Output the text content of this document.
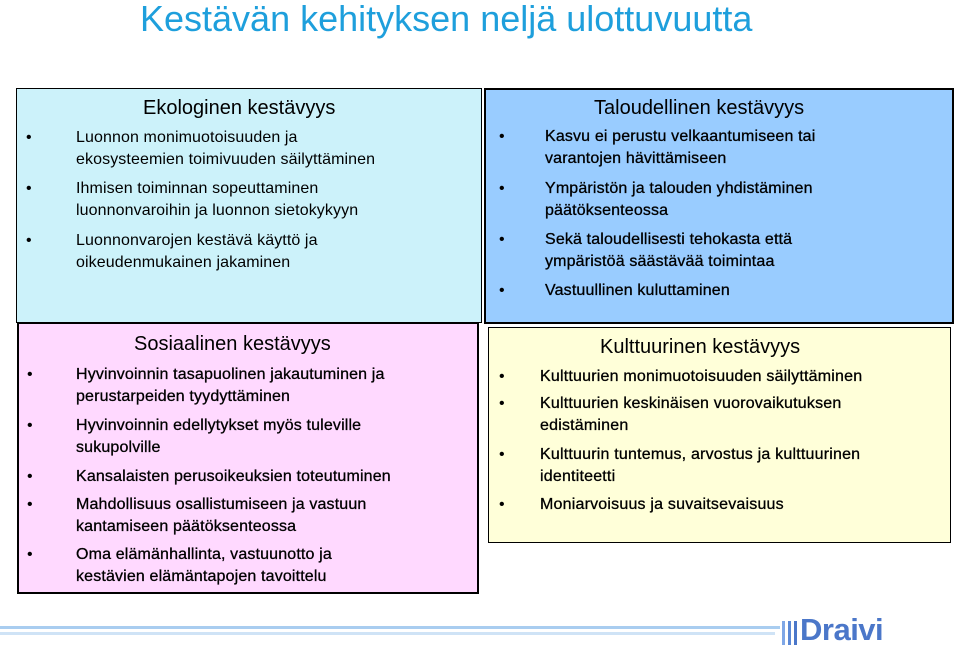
Kestävän kehityksen neljä ulottuvuutta
Ekologinen kestävyys
•	Luonnon monimuotoisuuden ja
ekosysteemien toimivuuden säilyttäminen
•	Ihmisen toiminnan sopeuttaminen
luonnonvaroihin ja luonnon sietokykyyn
•	Luonnonvarojen kestävä käyttö ja
oikeudenmukainen jakaminen
Taloudellinen kestävyys
•	Kasvu ei perustu velkaantumiseen tai
varantojen hävittämiseen
•	Ympäristön ja talouden yhdistäminen
päätöksenteossa
•	Sekä taloudellisesti tehokasta että
ympäristöä säästävää toimintaa
•	Vastuullinen kuluttaminen
Sosiaalinen kestävyys
•	Hyvinvoinnin tasapuolinen jakautuminen ja
perustarpeiden tyydyttäminen
•	Hyvinvoinnin edellytykset myös tuleville
sukupolville
•	Kansalaisten perusoikeuksien toteutuminen
•	Mahdollisuus osallistumiseen ja vastuun
kantamiseen päätöksenteossa
•	Oma elämänhallinta, vastuunotto ja
kestävien elämäntapojen tavoittelu
Kulttuurinen kestävyys
• Kulttuurien monimuotoisuuden säilyttäminen
• Kulttuurien keskinäisen vuorovaikutuksen
edistäminen
• Kulttuurin tuntemus, arvostus ja kulttuurinen
identiteetti
• Moniarvoisuus ja suvaitsevaisuus
Draivi
